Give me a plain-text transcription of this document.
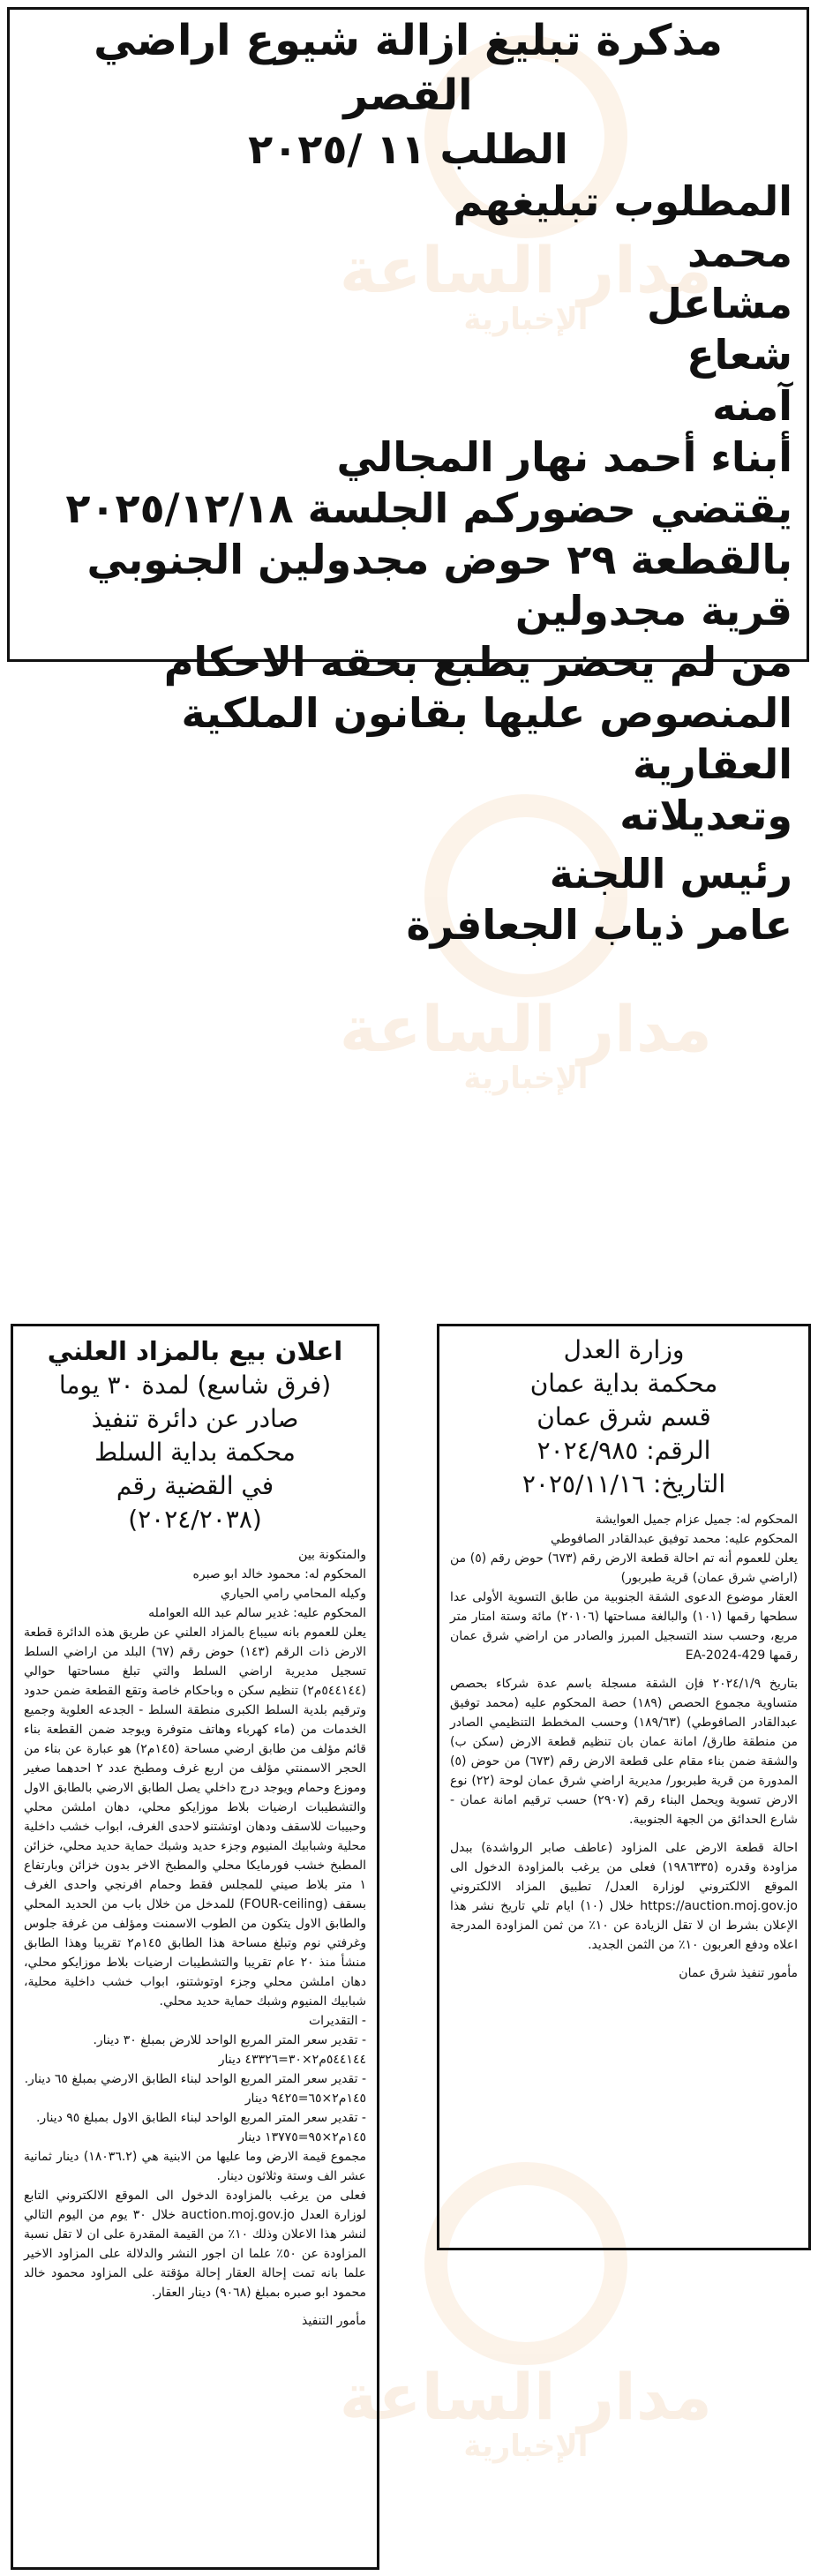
مدار الساعة
الإخبارية
مدار الساعة
الإخبارية
مدار الساعة
الإخبارية

مذكرة تبليغ ازالة شيوع اراضي القصر

الطلب ١١ /٢٠٢٥

المطلوب تبليغهم

محمد

مشاعل

شعاع

آمنه

أبناء أحمد نهار المجالي

يقتضي حضوركم الجلسة ٢٠٢٥/١٢/١٨

بالقطعة ٢٩ حوض مجدولين الجنوبي

قرية مجدولين

من لم يحضر يطبع بحقه الاحكام

المنصوص عليها بقانون الملكية العقارية

وتعديلاته

رئيس اللجنة

عامر ذياب الجعافرة

وزارة العدل

محكمة بداية عمان

قسم شرق عمان

الرقم: ٢٠٢٤/٩٨٥

التاريخ: ٢٠٢٥/١١/١٦

المحكوم له: جميل عزام جميل العوايشة

المحكوم عليه: محمد توفيق عبدالقادر الصافوطي

يعلن للعموم أنه تم احالة قطعة الارض رقم (٦٧٣) حوض رقم (٥) من (اراضي شرق عمان) قرية طبربور)

العقار موضوع الدعوى الشقة الجنوبية من طابق التسوية الأولى عدا سطحها رقمها (١٠١) والبالغة مساحتها (٢٠١٠٦) مائة وستة امتار متر مربع، وحسب سند التسجيل المبرز والصادر من اراضي شرق عمان رقمها 429-EA-2024

بتاريخ ٢٠٢٤/١/٩ فإن الشقة مسجلة باسم عدة شركاء بحصص متساوية مجموع الحصص (١٨٩) حصة المحكوم عليه (محمد توفيق عبدالقادر الصافوطي) (١٨٩/٦٣) وحسب المخطط التنظيمي الصادر من منطقة طارق/ امانة عمان بان تنظيم قطعة الارض (سكن ب) والشقة ضمن بناء مقام على قطعة الارض رقم (٦٧٣) من حوض (٥) المدورة من قرية طبربور/ مديرية اراضي شرق عمان لوحة (٢٢) نوع الارض تسوية ويحمل البناء رقم (٢٩٠٧) حسب ترقيم امانة عمان - شارع الحدائق من الجهة الجنوبية.

احالة قطعة الارض على المزاود (عاطف صابر الرواشدة) ببدل مزاودة وقدره (١٩٨٦٣٣٥) فعلى من يرغب بالمزاودة الدخول الى الموقع الالكتروني لوزارة العدل/ تطبيق المزاد الالكتروني https://auction.moj.gov.jo خلال (١٠) ايام تلي تاريخ نشر هذا الإعلان بشرط ان لا تقل الزيادة عن ١٠٪ من ثمن المزاودة المدرجة اعلاه ودفع العربون ١٠٪ من الثمن الجديد.

مأمور تنفيذ شرق عمان

اعلان بيع بالمزاد العلني

(فرق شاسع) لمدة ٣٠ يوما

صادر عن دائرة تنفيذ

محكمة بداية السلط

في القضية رقم

(٢٠٢٤/٢٠٣٨)

والمتكونة بين

المحكوم له: محمود خالد ابو صبره

وكيله المحامي رامي الحياري

المحكوم عليه: غدير سالم عبد الله العوامله

يعلن للعموم بانه سيباع بالمزاد العلني عن طريق هذه الدائرة قطعة الارض ذات الرقم (١٤٣) حوض رقم (٦٧) البلد من اراضي السلط تسجيل مديرية اراضي السلط والتي تبلغ مساحتها حوالي (٥٤٤١٤٤م٢) تنظيم سكن ه وباحكام خاصة وتقع القطعة ضمن حدود وترقيم بلدية السلط الكبرى منطقة السلط - الجدعه العلوية وجميع الخدمات من (ماء كهرباء وهاتف متوفرة ويوجد ضمن القطعة بناء قائم مؤلف من طابق ارضي مساحة (١٤٥م٢) هو عبارة عن بناء من الحجر الاسمنتي مؤلف من اربع غرف ومطبخ عدد ٢ احدهما صغير وموزع وحمام ويوجد درج داخلي يصل الطابق الارضي بالطابق الاول والتشطيبات ارضيات بلاط موزايكو محلي، دهان املشن محلي وحبيبات للاسقف ودهان اوتشتنو لاحدى الغرف، ابواب خشب داخلية محلية وشبابيك المنيوم وجزء حديد وشبك حماية حديد محلي، خزائن المطبخ خشب فورمايكا محلي والمطبخ الاخر بدون خزائن وبارتفاع ١ متر بلاط صيني للمجلس فقط وحمام افرنجي واحدى الغرف بسقف (FOUR-ceiling) للمدخل من خلال باب من الحديد المحلي والطابق الاول يتكون من الطوب الاسمنت ومؤلف من غرفة جلوس وغرفتي نوم وتبلغ مساحة هذا الطابق ١٤٥م٢ تقريبا وهذا الطابق منشأ منذ ٢٠ عام تقريبا والتشطيبات ارضيات بلاط موزايكو محلي، دهان املشن محلي وجزء اوتوشتنو، ابواب خشب داخلية محلية، شبابيك المنيوم وشبك حماية حديد محلي.

- التقديرات

- تقدير سعر المتر المربع الواحد للارض بمبلغ ٣٠ دينار.

٥٤٤١٤٤م٢×٣٠=٤٣٣٢٦ دينار

- تقدير سعر المتر المربع الواحد لبناء الطابق الارضي بمبلغ ٦٥ دينار.

١٤٥م٢×٦٥=٩٤٢٥ دينار

- تقدير سعر المتر المربع الواحد لبناء الطابق الاول بمبلغ ٩٥ دينار.

١٤٥م٢×٩٥=١٣٧٧٥ دينار

مجموع قيمة الارض وما عليها من الابنية هي (١٨٠٣٦.٢) دينار ثمانية عشر الف وستة وثلاثون دينار.

فعلى من يرغب بالمزاودة الدخول الى الموقع الالكتروني التابع لوزارة العدل auction.moj.gov.jo خلال ٣٠ يوم من اليوم التالي لنشر هذا الاعلان وذلك ١٠٪ من القيمة المقدرة على ان لا تقل نسبة المزاودة عن ٥٠٪ علما ان اجور النشر والدلالة على المزاود الاخير علما بانه تمت إحالة العقار إحالة مؤقتة على المزاود محمود خالد محمود ابو صبره بمبلغ (٩٠٦٨) دينار العقار.

مأمور التنفيذ
